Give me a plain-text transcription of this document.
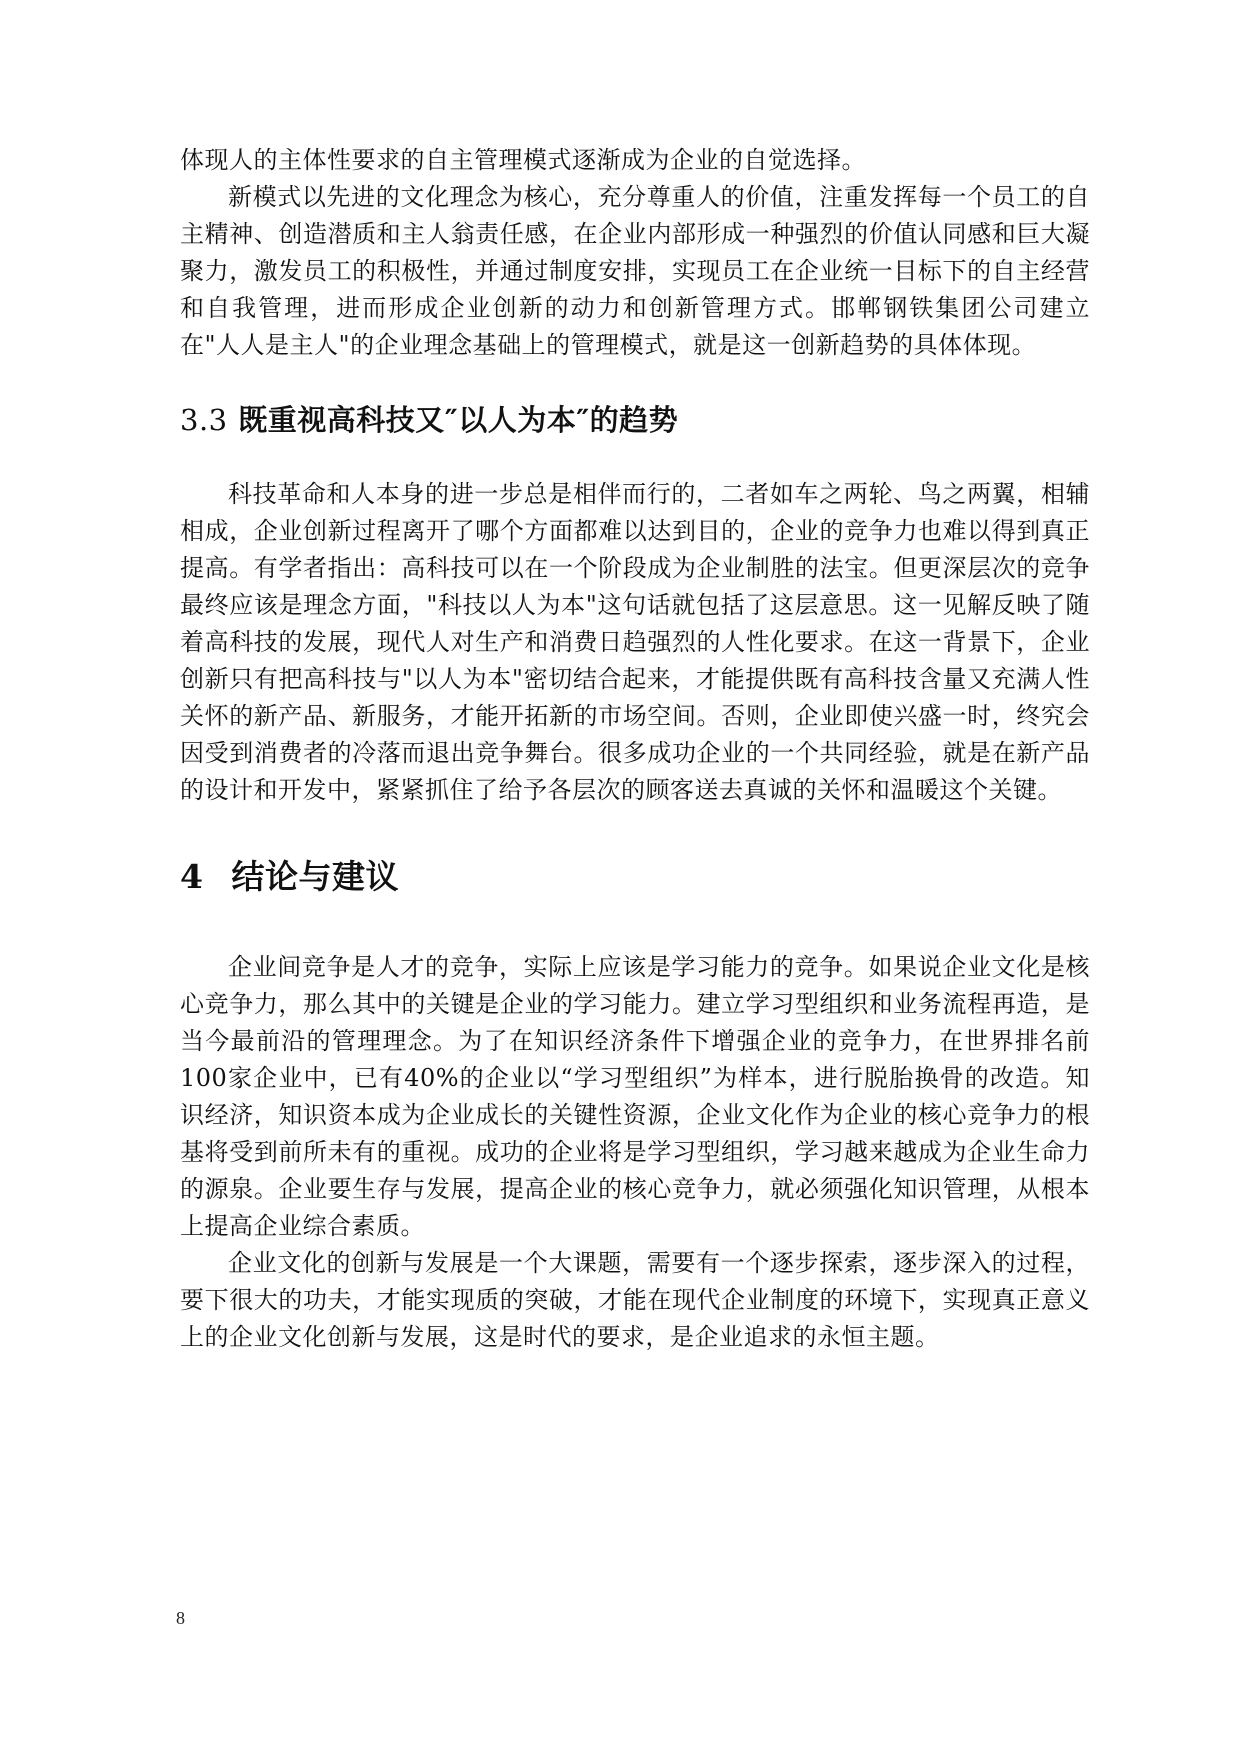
体现人的主体性要求的自主管理模式逐渐成为企业的自觉选择。

新模式以先进的文化理念为核心，充分尊重人的价值，注重发挥每一个员工的自主精神、创造潜质和主人翁责任感，在企业内部形成一种强烈的价值认同感和巨大凝聚力，激发员工的积极性，并通过制度安排，实现员工在企业统一目标下的自主经营和自我管理，进而形成企业创新的动力和创新管理方式。邯郸钢铁集团公司建立在"人人是主人"的企业理念基础上的管理模式，就是这一创新趋势的具体体现。

3.3 既重视高科技又″以人为本″的趋势

科技革命和人本身的进一步总是相伴而行的，二者如车之两轮、鸟之两翼，相辅相成，企业创新过程离开了哪个方面都难以达到目的，企业的竞争力也难以得到真正提高。有学者指出：高科技可以在一个阶段成为企业制胜的法宝。但更深层次的竞争最终应该是理念方面，"科技以人为本"这句话就包括了这层意思。这一见解反映了随着高科技的发展，现代人对生产和消费日趋强烈的人性化要求。在这一背景下，企业创新只有把高科技与"以人为本"密切结合起来，才能提供既有高科技含量又充满人性关怀的新产品、新服务，才能开拓新的市场空间。否则，企业即使兴盛一时，终究会因受到消费者的冷落而退出竞争舞台。很多成功企业的一个共同经验，就是在新产品的设计和开发中，紧紧抓住了给予各层次的顾客送去真诚的关怀和温暖这个关键。

4 结论与建议

企业间竞争是人才的竞争，实际上应该是学习能力的竞争。如果说企业文化是核心竞争力，那么其中的关键是企业的学习能力。建立学习型组织和业务流程再造，是当今最前沿的管理理念。为了在知识经济条件下增强企业的竞争力，在世界排名前100家企业中，已有40%的企业以“学习型组织”为样本，进行脱胎换骨的改造。知识经济，知识资本成为企业成长的关键性资源，企业文化作为企业的核心竞争力的根基将受到前所未有的重视。成功的企业将是学习型组织，学习越来越成为企业生命力的源泉。企业要生存与发展，提高企业的核心竞争力，就必须强化知识管理，从根本上提高企业综合素质。

企业文化的创新与发展是一个大课题，需要有一个逐步探索，逐步深入的过程，要下很大的功夫，才能实现质的突破，才能在现代企业制度的环境下，实现真正意义上的企业文化创新与发展，这是时代的要求，是企业追求的永恒主题。

8
